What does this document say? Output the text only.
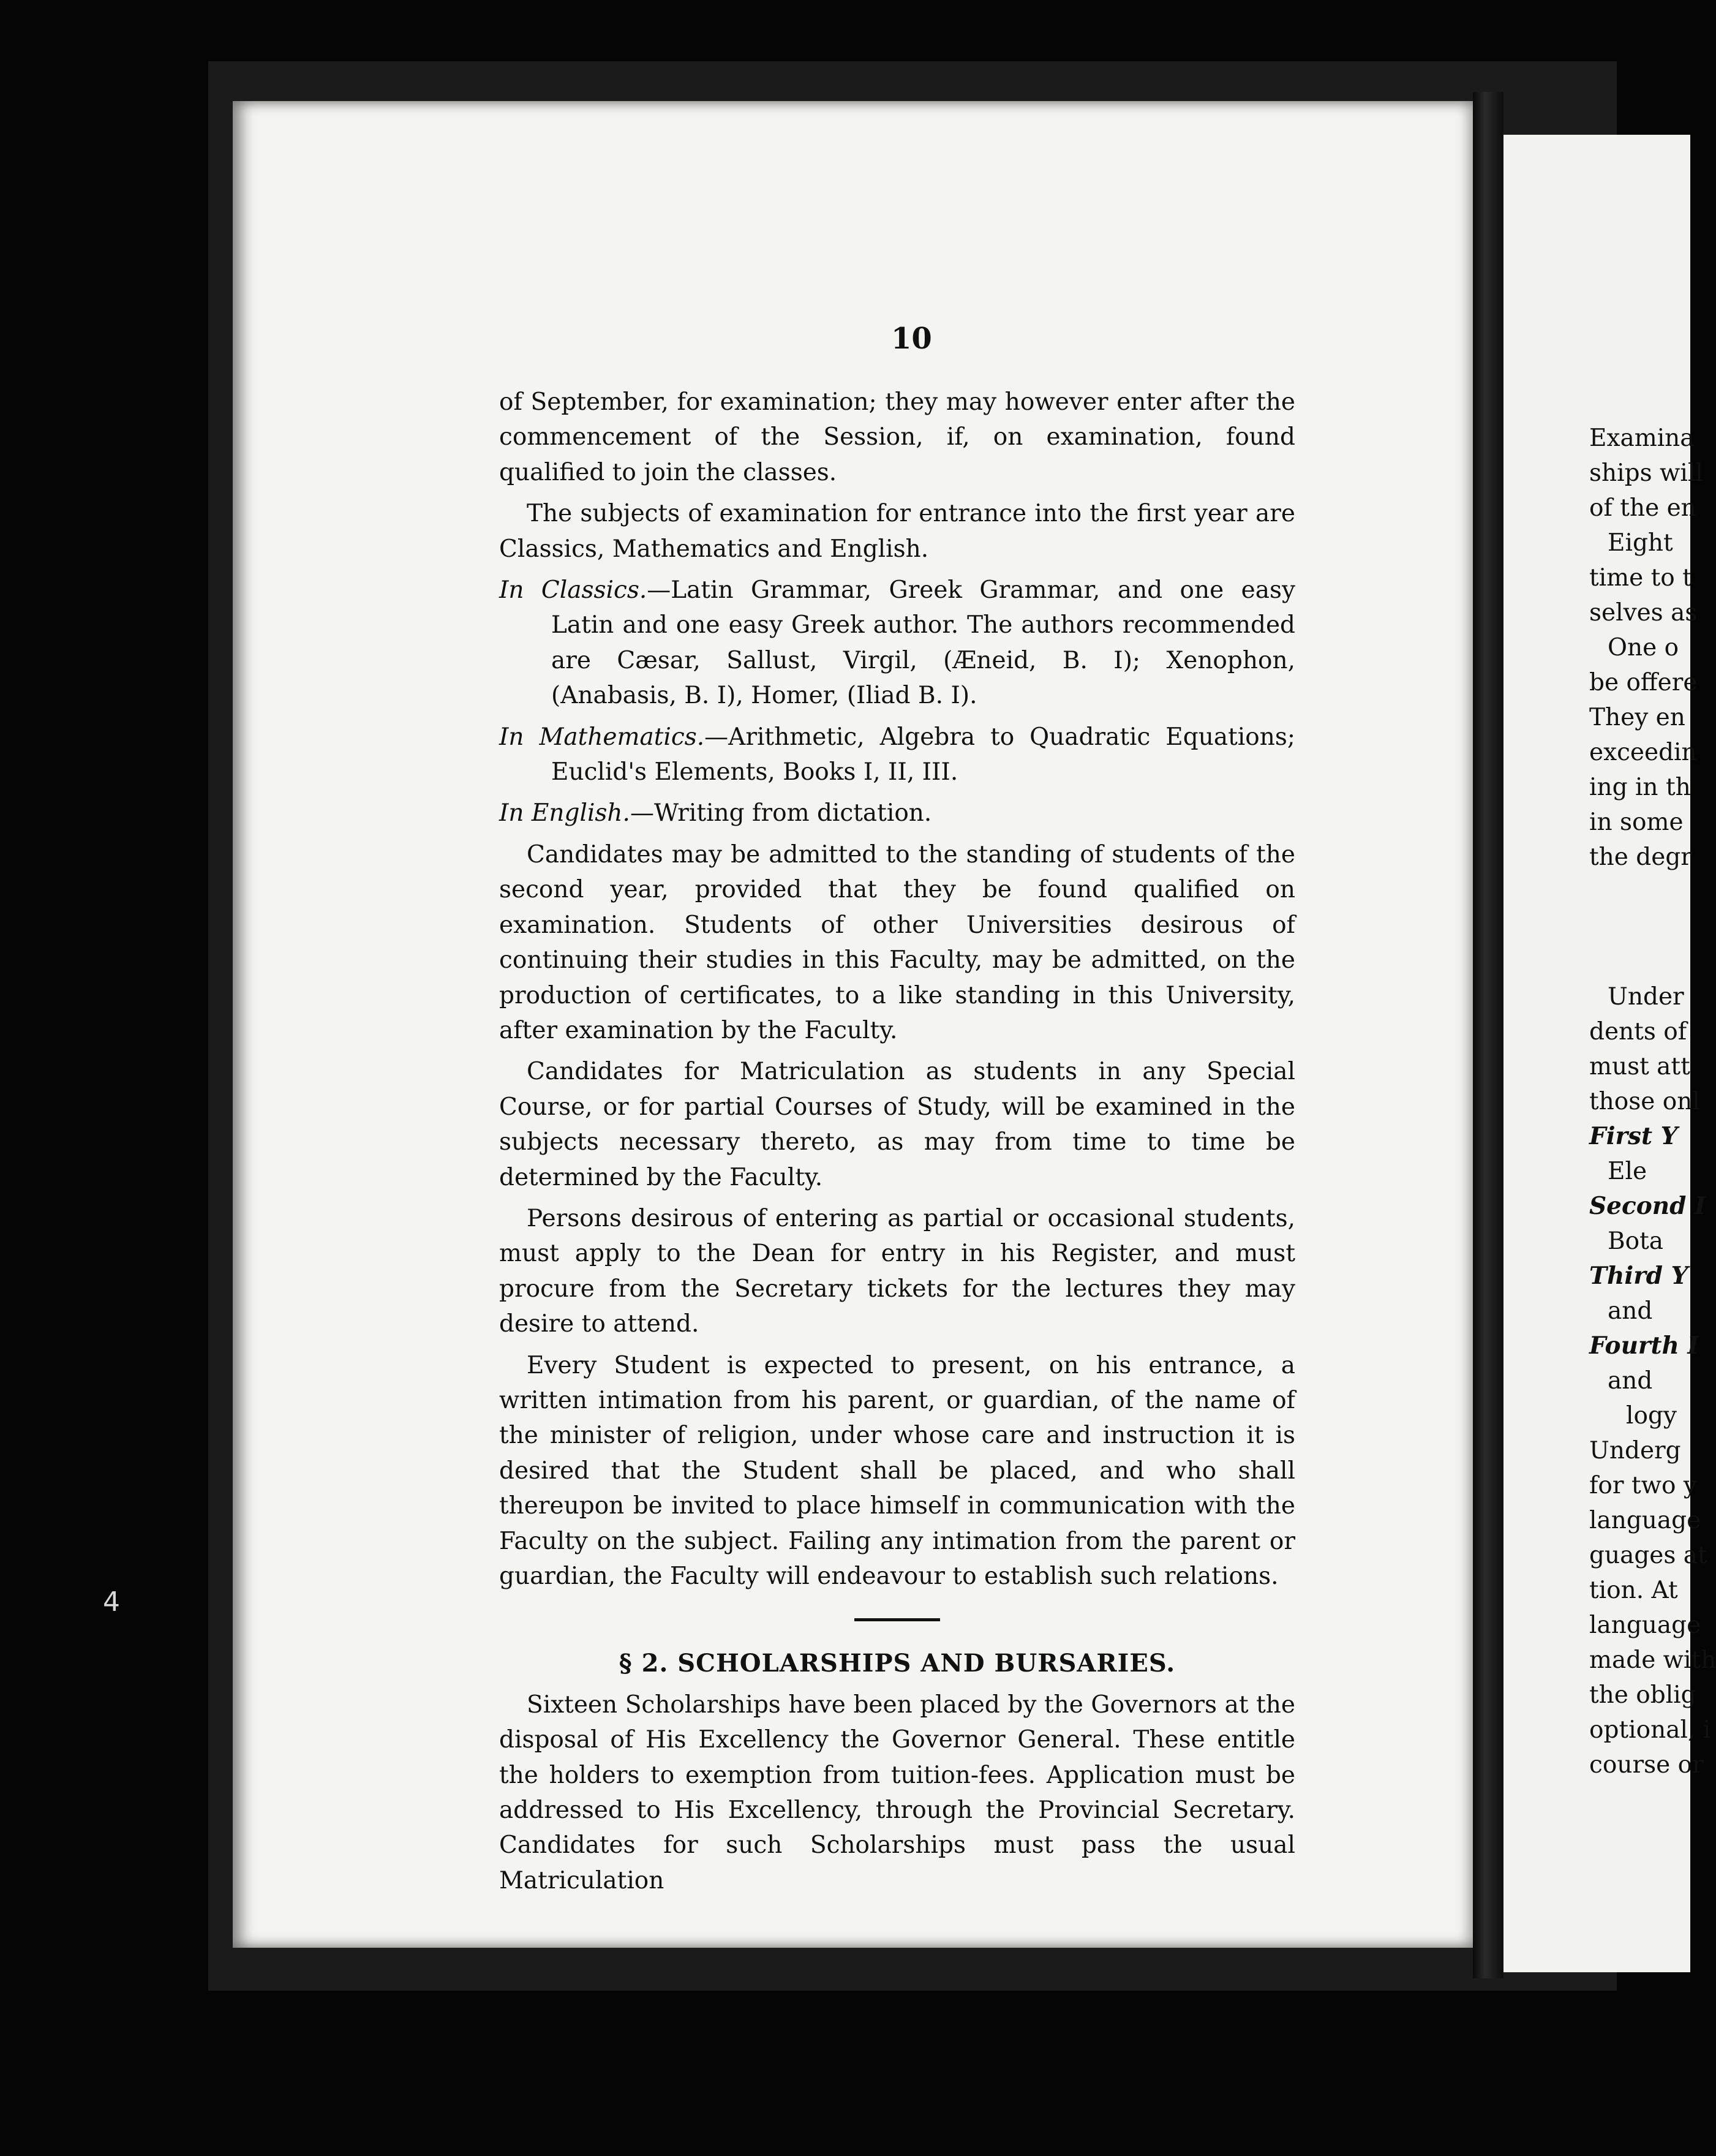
10

of September, for examination; they may however enter after the commencement of the Session, if, on examination, found qualified to join the classes.

The subjects of examination for entrance into the first year are Classics, Mathematics and English.

In Classics.—Latin Grammar, Greek Grammar, and one easy Latin and one easy Greek author. The authors recommended are Cæsar, Sallust, Virgil, (Æneid, B. I); Xenophon, (Anabasis, B. I), Homer, (Iliad B. I).

In Mathematics.—Arithmetic, Algebra to Quadratic Equations; Euclid's Elements, Books I, II, III.

In English.—Writing from dictation.

Candidates may be admitted to the standing of students of the second year, provided that they be found qualified on examination. Students of other Universities desirous of continuing their studies in this Faculty, may be admitted, on the production of certificates, to a like standing in this University, after examination by the Faculty.

Candidates for Matriculation as students in any Special Course, or for partial Courses of Study, will be examined in the subjects necessary thereto, as may from time to time be determined by the Faculty.

Persons desirous of entering as partial or occasional students, must apply to the Dean for entry in his Register, and must procure from the Secretary tickets for the lectures they may desire to attend.

Every Student is expected to present, on his entrance, a written intimation from his parent, or guardian, of the name of the minister of religion, under whose care and instruction it is desired that the Student shall be placed, and who shall thereupon be invited to place himself in communication with the Faculty on the subject. Failing any intimation from the parent or guardian, the Faculty will endeavour to establish such relations.

§ 2. SCHOLARSHIPS AND BURSARIES.

Sixteen Scholarships have been placed by the Governors at the disposal of His Excellency the Governor General. These entitle the holders to exemption from tuition-fees. Application must be addressed to His Excellency, through the Provincial Secretary. Candidates for such Scholarships must pass the usual Matriculation

Examina
ships will
of the en
Eight
time to t
selves as
One o
be offere
They en
exceedin
ing in th
in some
the degr
Under
dents of
must att
those onl
First Y
Ele
Second I
Bota
Third Y
and
Fourth I
and
logy
Underg
for two y
language
guages at
tion. At
language
made with
the oblig
optional, i
course or
4
